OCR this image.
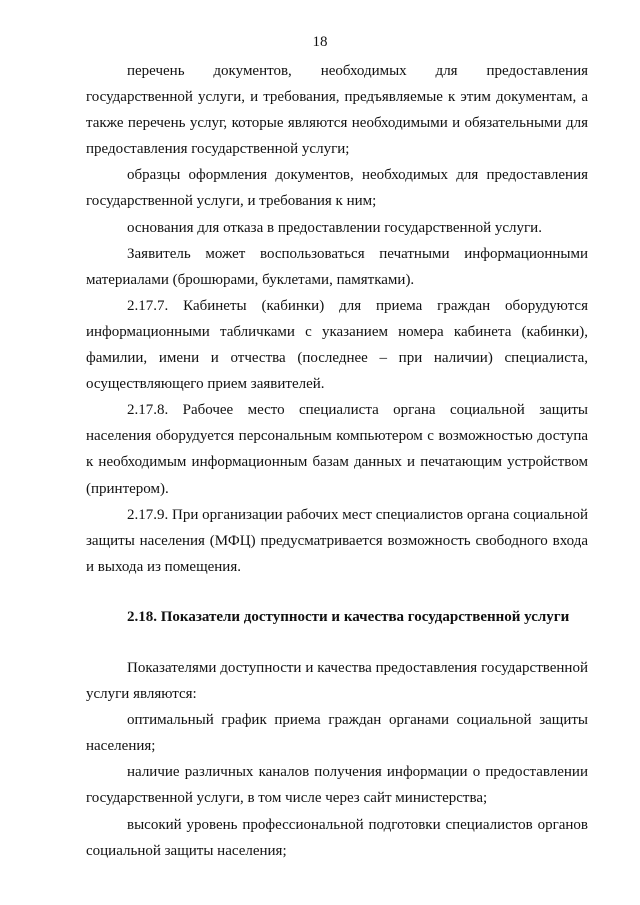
18

перечень документов, необходимых для предоставления государственной услуги, и требования, предъявляемые к этим документам, а также перечень услуг, которые являются необходимыми и обязательными для предоставления государственной услуги;

образцы оформления документов, необходимых для предоставления государственной услуги, и требования к ним;

основания для отказа в предоставлении государственной услуги.

Заявитель может воспользоваться печатными информационными материалами (брошюрами, буклетами, памятками).

2.17.7. Кабинеты (кабинки) для приема граждан оборудуются информационными табличками с указанием номера кабинета (кабинки), фамилии, имени и отчества (последнее – при наличии) специалиста, осуществляющего прием заявителей.

2.17.8. Рабочее место специалиста органа социальной защиты населения оборудуется персональным компьютером с возможностью доступа к необходимым информационным базам данных и печатающим устройством (принтером).

2.17.9. При организации рабочих мест специалистов органа социальной защиты населения (МФЦ) предусматривается возможность свободного входа и выхода из помещения.

2.18. Показатели доступности и качества государственной услуги

Показателями доступности и качества предоставления государственной услуги являются:

оптимальный график приема граждан органами социальной защиты населения;

наличие различных каналов получения информации о предоставлении государственной услуги, в том числе через сайт министерства;

высокий уровень профессиональной подготовки специалистов органов социальной защиты населения;
